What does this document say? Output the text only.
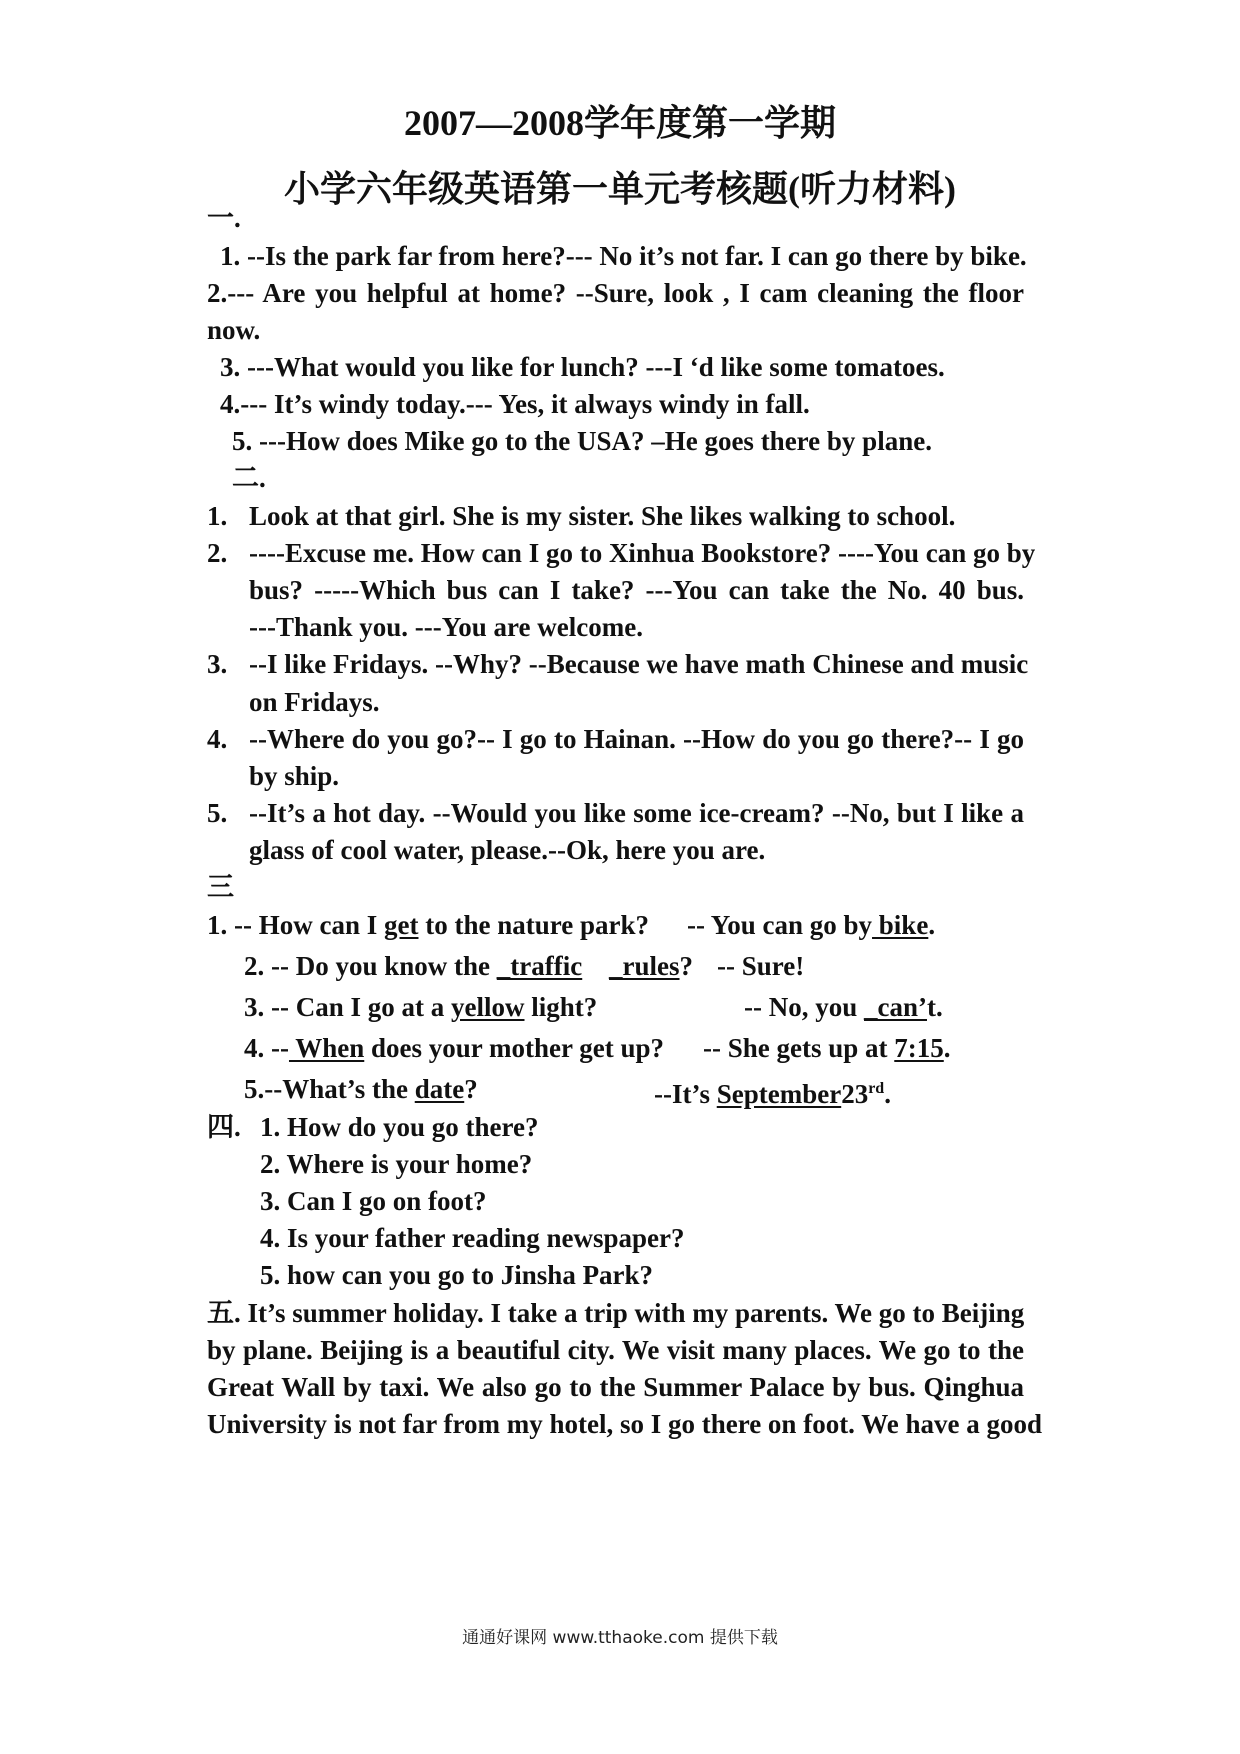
2007—2008学年度第一学期
小学六年级英语第一单元考核题(听力材料)
一.
1. --Is the park far from here?--- No it’s not far. I can go there by bike.
2.--- Are you helpful at home? --Sure, look , I cam cleaning the floor
now.
3. ---What would you like for lunch? ---I ‘d like some tomatoes.
4.--- It’s windy today.--- Yes, it always windy in fall.
5. ---How does Mike go to the USA? –He goes there by plane.
二.
1. Look at that girl. She is my sister. She likes walking to school.
2. ----Excuse me. How can I go to Xinhua Bookstore? ----You can go by
bus? -----Which bus can I take? ---You can take the No. 40 bus.
---Thank you. ---You are welcome.
3. --I like Fridays. --Why? --Because we have math Chinese and music
on Fridays.
4. --Where do you go?-- I go to Hainan. --How do you go there?-- I go
by ship.
5. --It’s a hot day. --Would you like some ice-cream? --No, but I like a
glass of cool water, please.--Ok, here you are.
三
1. -- How can I get to the nature park? -- You can go by bike.
2. -- Do you know the _traffic _rules? -- Sure!
3. -- Can I go at a yellow light?	-- No, you _can’t.
4. -- When does your mother get up? -- She gets up at 7:15.
5.--What’s the date?	--It’s September23rd.
四. 1. How do you go there?
2. Where is your home?
3. Can I go on foot?
4. Is your father reading newspaper?
5. how can you go to Jinsha Park?
五. It’s summer holiday. I take a trip with my parents. We go to Beijing
by plane. Beijing is a beautiful city. We visit many places. We go to the
Great Wall by taxi. We also go to the Summer Palace by bus. Qinghua
University is not far from my hotel, so I go there on foot. We have a good
通通好课网 www.tthaoke.com 提供下载
